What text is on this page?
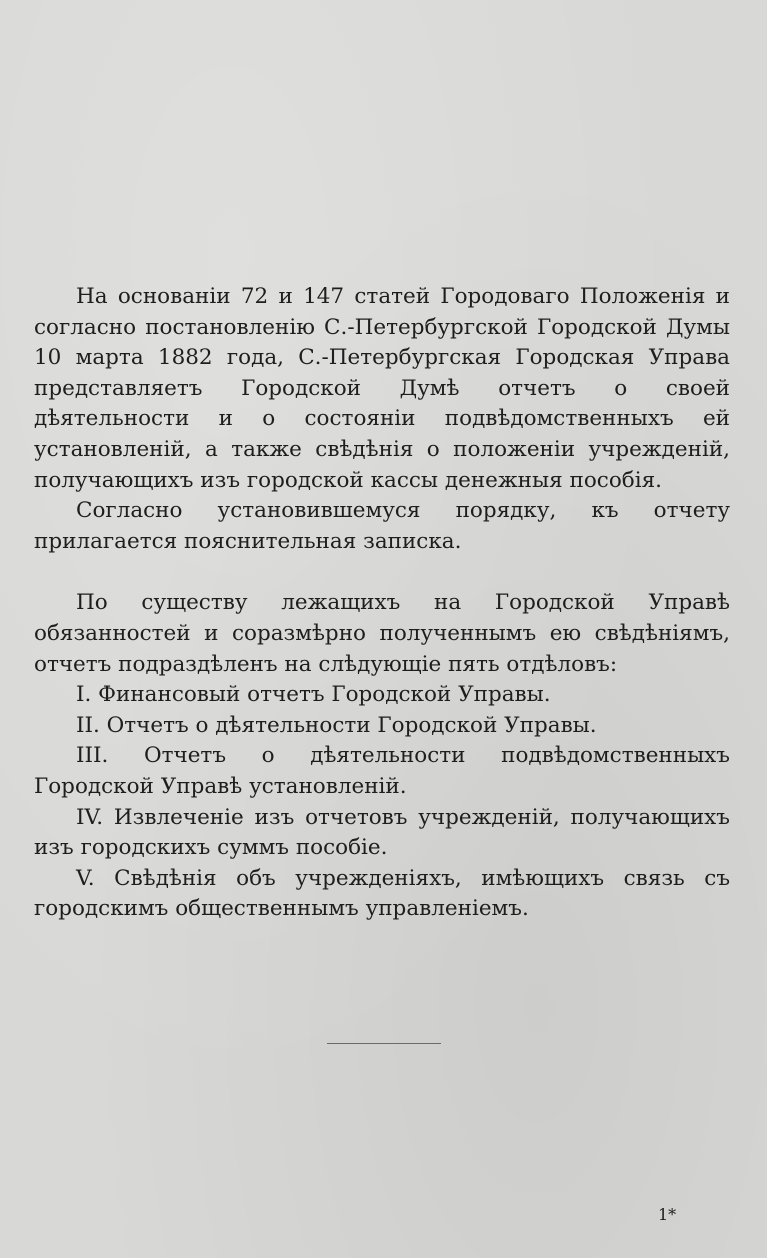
На основаніи 72 и 147 статей Городоваго Положенія и согласно постановленію С.-Петербургской Городской Думы 10 марта 1882 года, С.-Петербургская Городская Управа представляетъ Городской Думѣ отчетъ о своей дѣятельности и о состояніи подвѣдомственныхъ ей установленій, а также свѣдѣнія о положеніи учрежденій, получающихъ изъ городской кассы денежныя пособія.

Согласно установившемуся порядку, къ отчету прилагается пояснительная записка.

По существу лежащихъ на Городской Управѣ обязанностей и соразмѣрно полученнымъ ею свѣдѣніямъ, отчетъ подраздѣленъ на слѣдующіе пять отдѣловъ:

I. Финансовый отчетъ Городской Управы.

II. Отчетъ о дѣятельности Городской Управы.

III. Отчетъ о дѣятельности подвѣдомственныхъ Городской Управѣ установленій.

IV. Извлеченіе изъ отчетовъ учрежденій, получающихъ изъ городскихъ суммъ пособіе.

V. Свѣдѣнія объ учрежденіяхъ, имѣющихъ связь съ городскимъ общественнымъ управленіемъ.

1*
